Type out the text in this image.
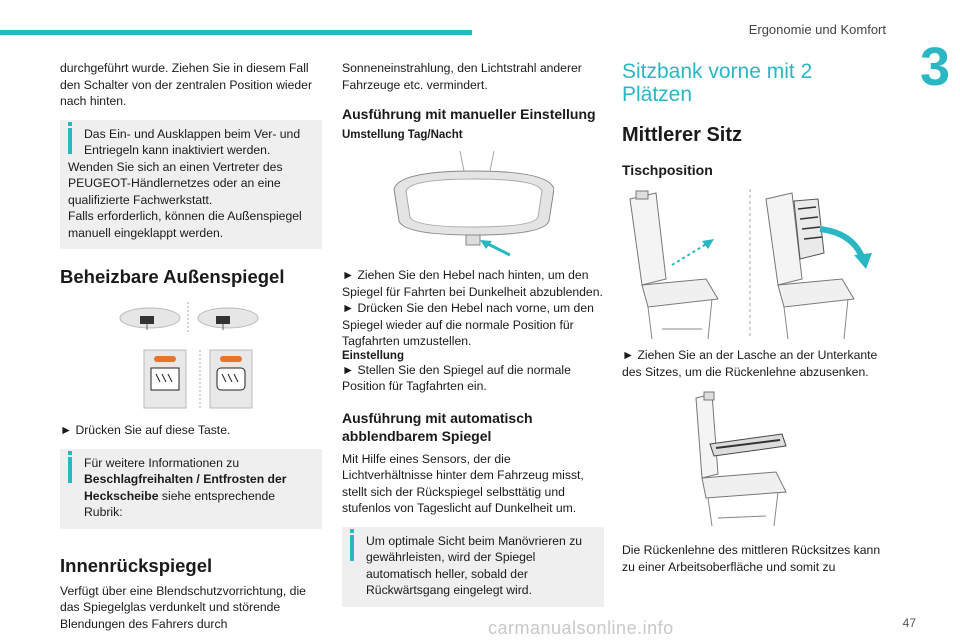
Ergonomie und Komfort
3

durchgeführt wurde. Ziehen Sie in diesem Fall den Schalter von der zentralen Position wieder nach hinten.

Das Ein- und Ausklappen beim Ver- und Entriegeln kann inaktiviert werden.

Wenden Sie sich an einen Vertreter des PEUGEOT-Händlernetzes oder an eine qualifizierte Fachwerkstatt.

Falls erforderlich, können die Außenspiegel manuell eingeklappt werden.

Beheizbare Außenspiegel

► Drücken Sie auf diese Taste.

Für weitere Informationen zu Beschlagfreihalten / Entfrosten der Heckscheibe siehe entsprechende Rubrik:

Innenrückspiegel

Verfügt über eine Blendschutzvorrichtung, die das Spiegelglas verdunkelt und störende Blendungen des Fahrers durch

Sonneneinstrahlung, den Lichtstrahl anderer Fahrzeuge etc. vermindert.

Ausführung mit manueller Einstellung
Umstellung Tag/Nacht

► Ziehen Sie den Hebel nach hinten, um den Spiegel für Fahrten bei Dunkelheit abzublenden.

► Drücken Sie den Hebel nach vorne, um den Spiegel wieder auf die normale Position für Tagfahrten umzustellen.

Einstellung

► Stellen Sie den Spiegel auf die normale Position für Tagfahrten ein.

Ausführung mit automatisch abblendbarem Spiegel

Mit Hilfe eines Sensors, der die Lichtverhältnisse hinter dem Fahrzeug misst, stellt sich der Rückspiegel selbsttätig und stufenlos von Tageslicht auf Dunkelheit um.

Um optimale Sicht beim Manövrieren zu gewährleisten, wird der Spiegel automatisch heller, sobald der Rückwärtsgang eingelegt wird.

Sitzbank vorne mit 2 Plätzen
Mittlerer Sitz
Tischposition

► Ziehen Sie an der Lasche an der Unterkante des Sitzes, um die Rückenlehne abzusenken.

Die Rückenlehne des mittleren Rücksitzes kann zu einer Arbeitsoberfläche und somit zu

47
carmanualsonline.info
